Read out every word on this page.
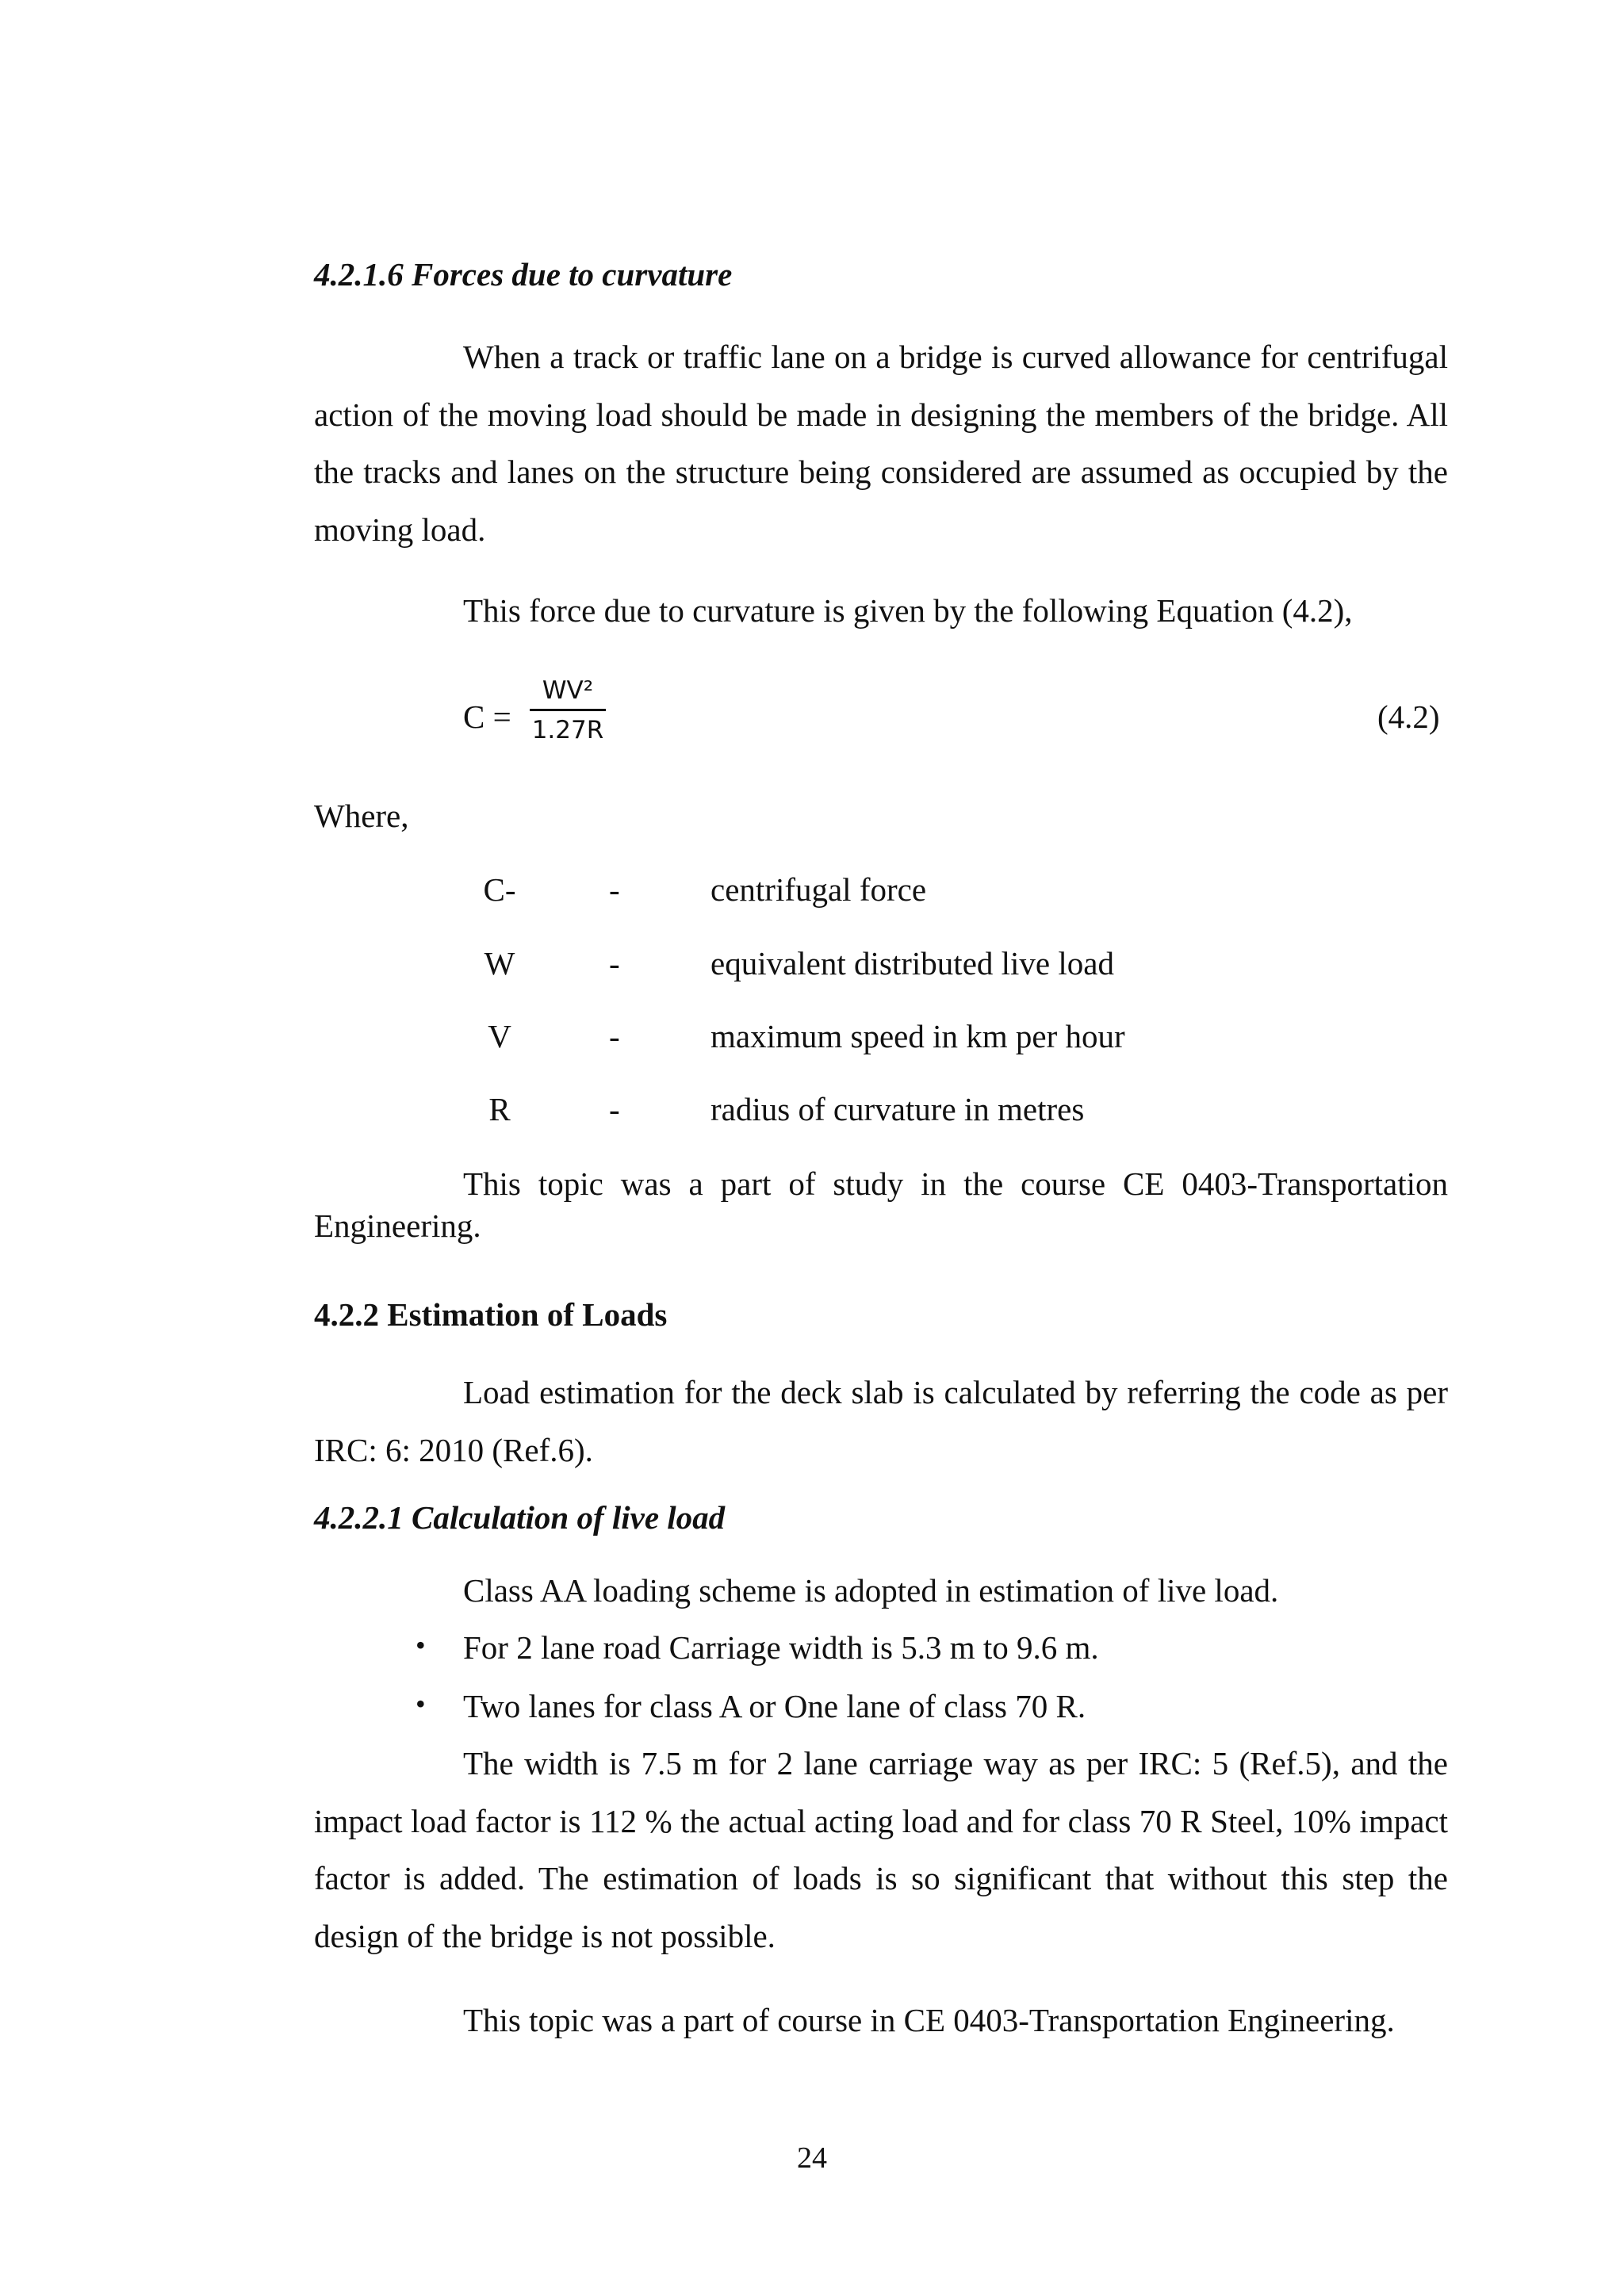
4.2.1.6 Forces due to curvature

When a track or traffic lane on a bridge is curved allowance for centrifugal action of the moving load should be made in designing the members of the bridge. All the tracks and lanes on the structure being considered are assumed as occupied by the moving load.

This force due to curvature is given by the following Equation (4.2),
C =
WV²
1.27R	(4.2)
Where,
C-	-	centrifugal force
W	-	equivalent distributed live load
V	-	maximum speed in km per hour
R	-	radius of curvature in metres
This topic was a part of study in the course CE 0403-Transportation
Engineering.
4.2.2 Estimation of Loads

Load estimation for the deck slab is calculated by referring the code as per IRC: 6: 2010 (Ref.6).

4.2.2.1 Calculation of live load
Class AA loading scheme is adopted in estimation of live load.
• For 2 lane road Carriage width is 5.3 m to 9.6 m.
• Two lanes for class A or One lane of class 70 R.

The width is 7.5 m for 2 lane carriage way as per IRC: 5 (Ref.5), and the impact load factor is 112 % the actual acting load and for class 70 R Steel, 10% impact factor is added. The estimation of loads is so significant that without this step the design of the bridge is not possible.

This topic was a part of course in CE 0403-Transportation Engineering.
24
